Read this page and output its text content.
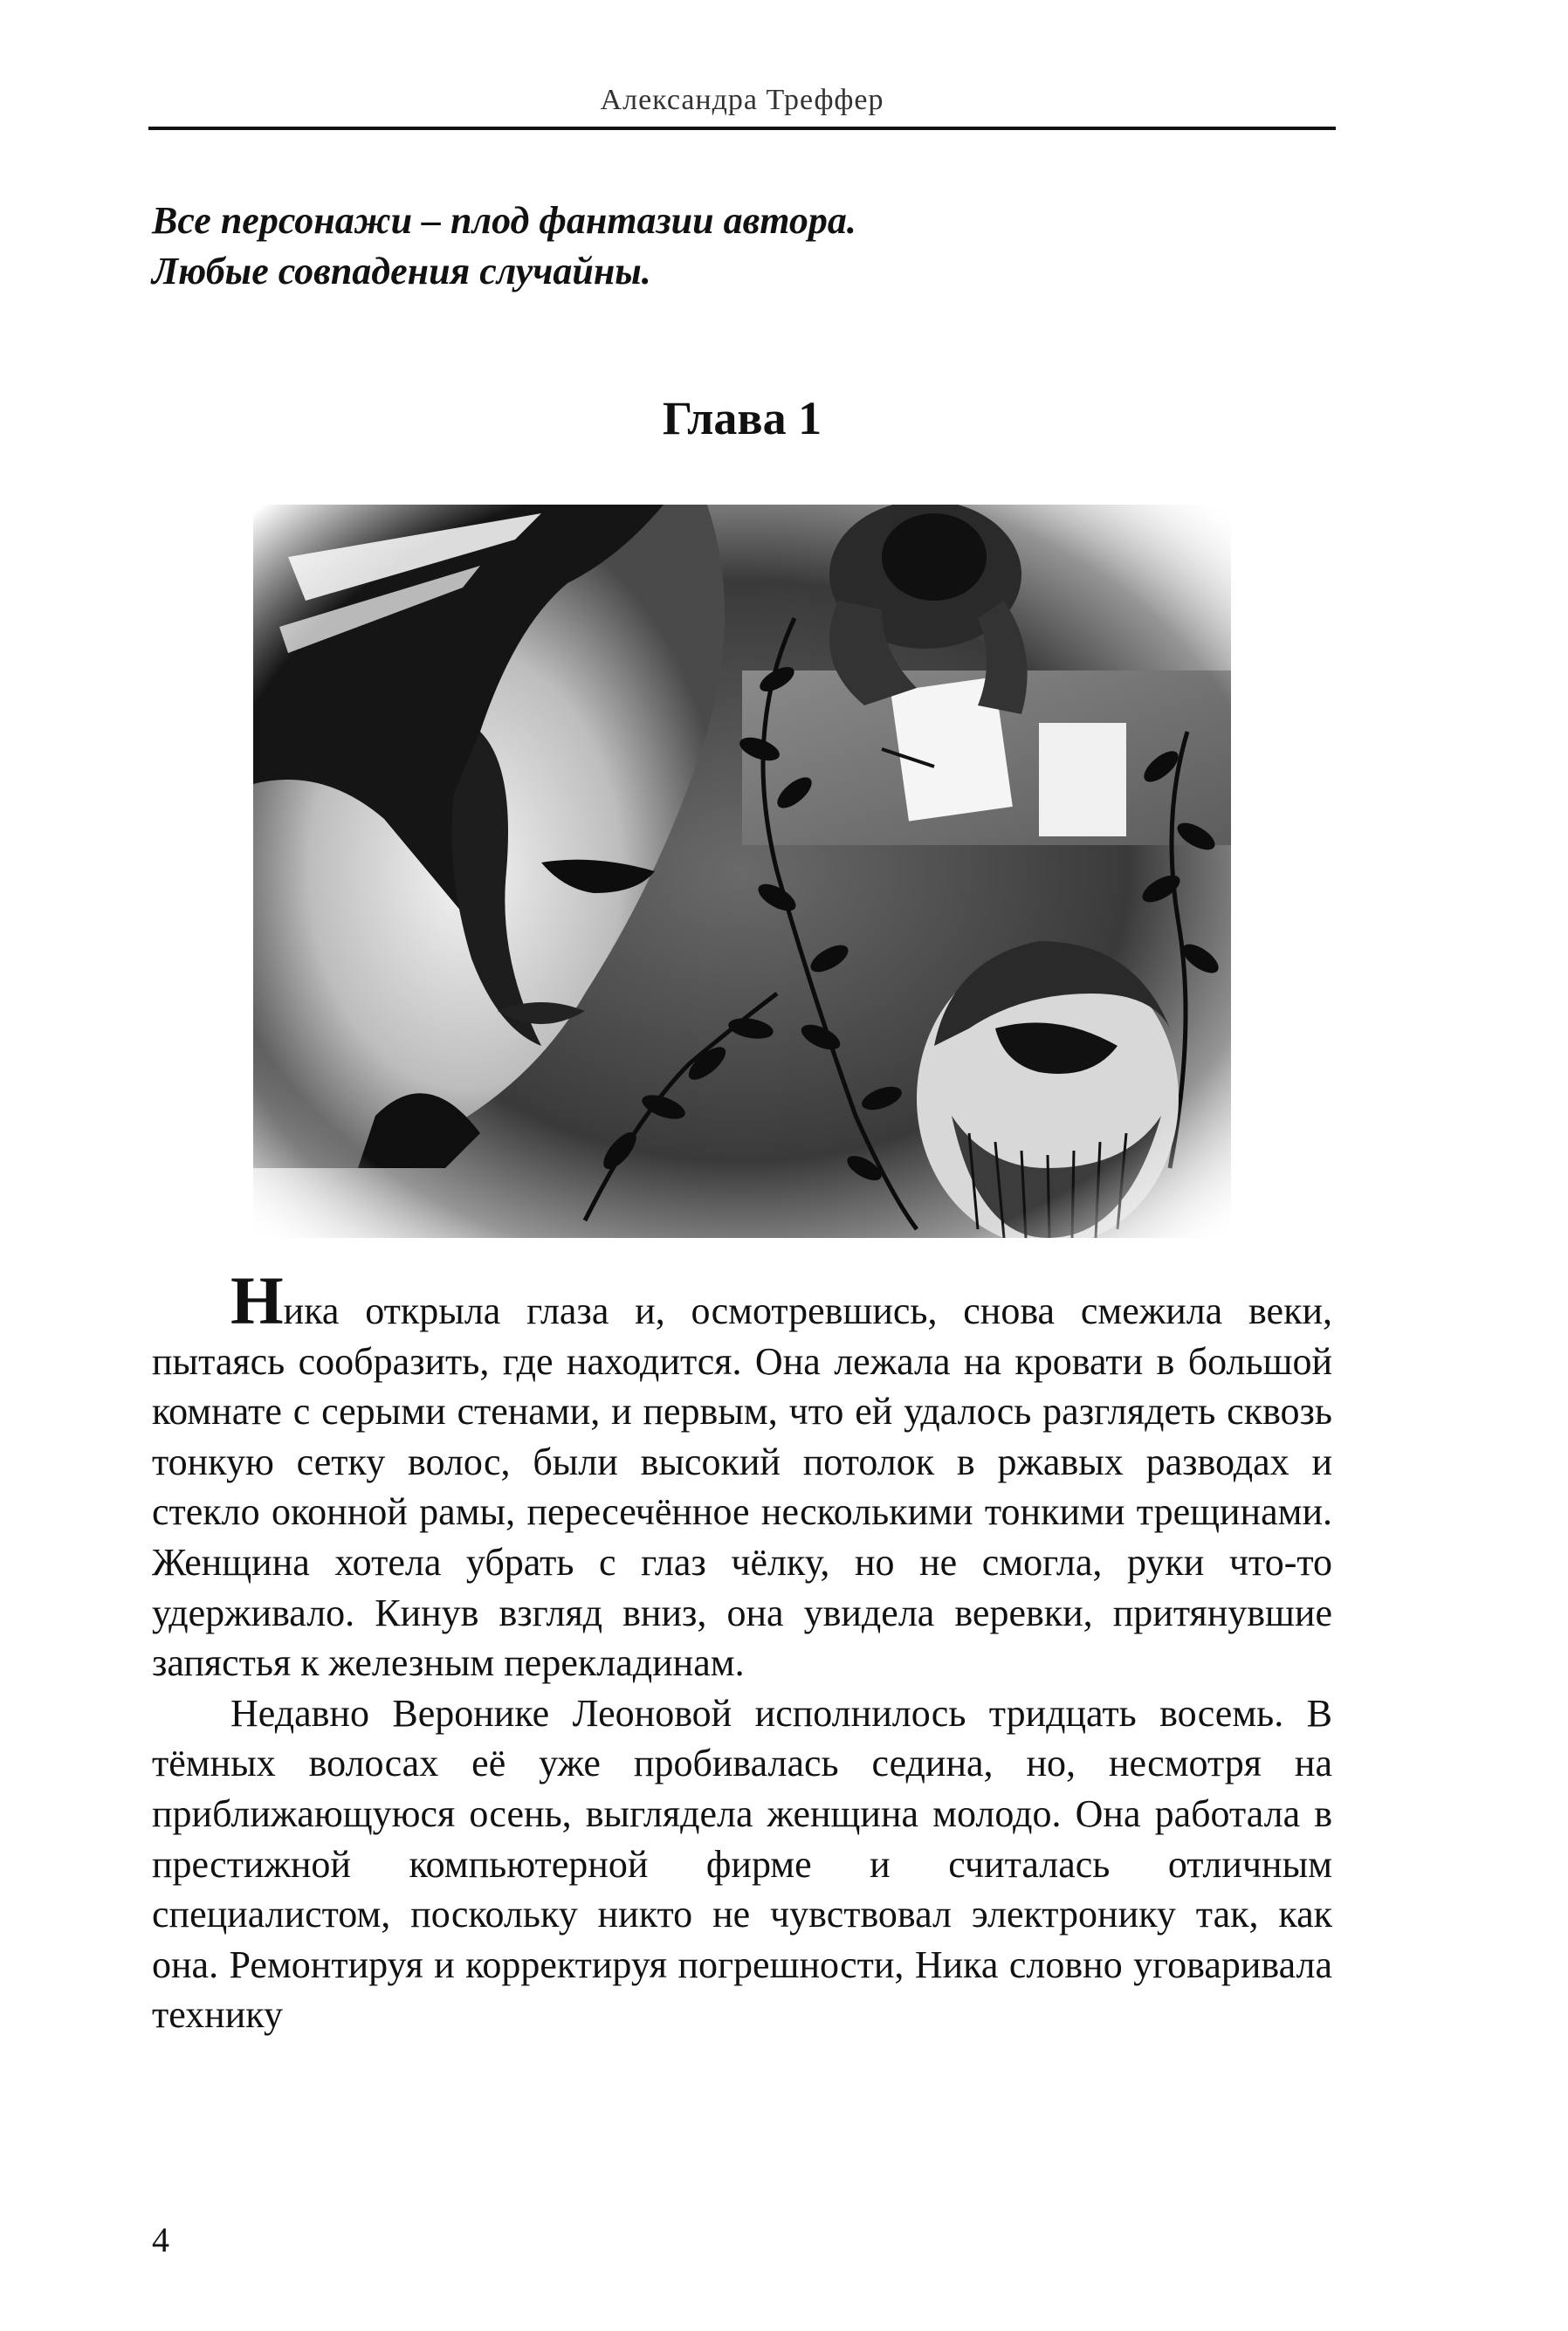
Александра Треффер
Все персонажи – плод фантазии автора.
Любые совпадения случайны.
Глава 1

Ника открыла глаза и, осмотревшись, снова смежила веки, пытаясь сообразить, где находится. Она лежала на кровати в большой комнате с серыми стенами, и первым, что ей удалось разглядеть сквозь тонкую сетку волос, были высокий потолок в ржавых разводах и стекло оконной рамы, пересечённое несколькими тонкими трещинами. Женщина хотела убрать с глаз чёлку, но не смогла, руки что-то удерживало. Кинув взгляд вниз, она увидела веревки, притянувшие запястья к железным перекладинам.

Недавно Веронике Леоновой исполнилось тридцать восемь. В тёмных волосах её уже пробивалась седина, но, несмотря на приближающуюся осень, выглядела женщина молодо. Она работала в престижной компьютерной фирме и считалась отличным специалистом, поскольку никто не чувствовал электронику так, как она. Ремонтируя и корректируя погрешности, Ника словно уговаривала технику

4
